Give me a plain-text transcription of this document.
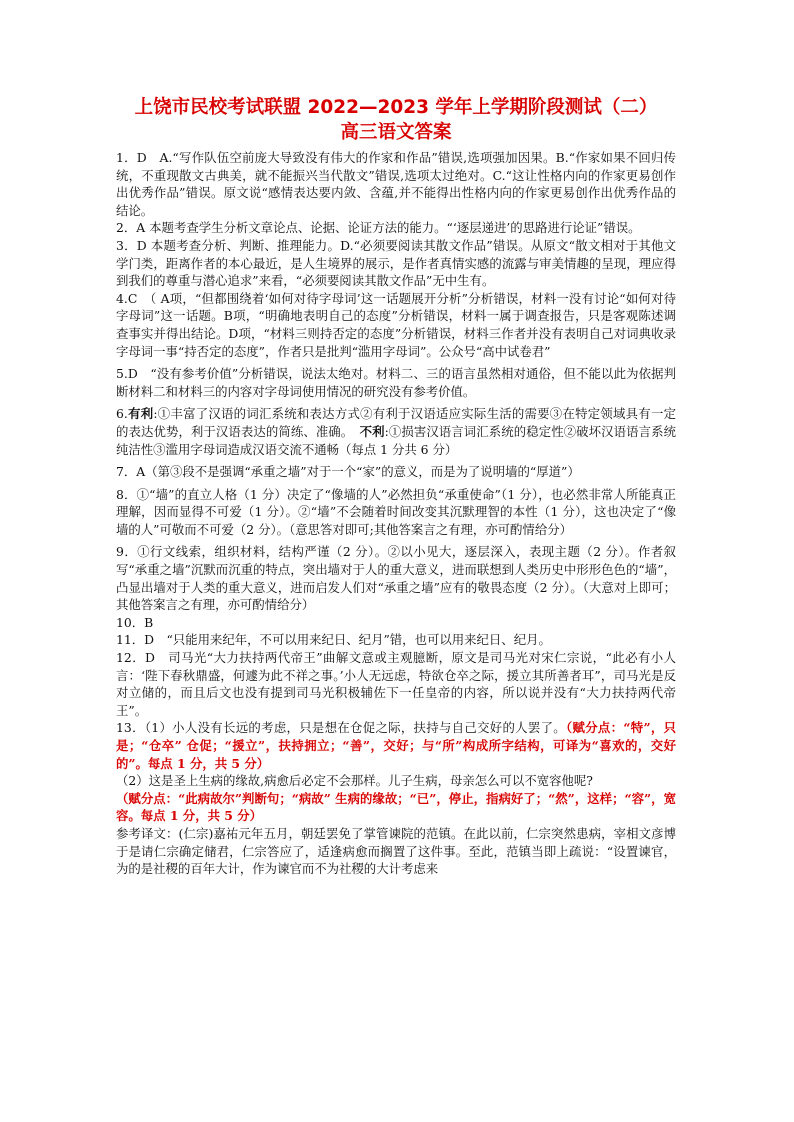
上饶市民校考试联盟 2022—2023 学年上学期阶段测试（二）
高三语文答案

1．D　A.“写作队伍空前庞大导致没有伟大的作家和作品”错误,选项强加因果。B.“作家如果不回归传统，不重现散文古典美，就不能振兴当代散文”错误,选项太过绝对。C.“这让性格内向的作家更易创作出优秀作品”错误。原文说“感情表达要内敛、含蕴,并不能得出性格内向的作家更易创作出优秀作品的结论。

2．A 本题考查学生分析文章论点、论据、论证方法的能力。“‘逐层递进’的思路进行论证”错误。

3．D 本题考查分析、判断、推理能力。D.“必须要阅读其散文作品”错误。从原文“散文相对于其他文学门类，距离作者的本心最近，是人生境界的展示，是作者真情实感的流露与审美情趣的呈现，理应得到我们的尊重与潜心追求”来看，“必须要阅读其散文作品”无中生有。

4.C　（ A项，“但都围绕着‘如何对待字母词’这一话题展开分析”分析错误，材料一没有讨论“如何对待字母词”这一话题。B项，“明确地表明自己的态度”分析错误，材料一属于调查报告，只是客观陈述调查事实并得出结论。D项，“材料三则持否定的态度”分析错误，材料三作者并没有表明自己对词典收录字母词一事“持否定的态度”，作者只是批判“滥用字母词”。公众号“高中试卷君”

5.D　“没有参考价值”分析错误，说法太绝对。材料二、三的语言虽然相对通俗，但不能以此为依据判断材料二和材料三的内容对字母词使用情况的研究没有参考价值。

6.有利:①丰富了汉语的词汇系统和表达方式②有利于汉语适应实际生活的需要③在特定领域具有一定的表达优势，利于汉语表达的简练、准确。　 不利:①损害汉语言词汇系统的稳定性②破坏汉语语言系统纯洁性③滥用字母词造成汉语交流不通畅（每点 1 分共 6 分）

7．A（第③段不是强调“承重之墙”对于一个“家”的意义，而是为了说明墙的“厚道”）

8．①“墙”的直立人格（1 分）决定了“像墙的人”必然担负“承重使命”（1 分），也必然非常人所能真正理解，因而显得不可爱（1 分）。②“墙”不会随着时间改变其沉默理智的本性（1 分），这也决定了“像墙的人”可敬而不可爱（2 分）。（意思答对即可;其他答案言之有理，亦可酌情给分）

9．①行文线索，组织材料，结构严谨（2 分）。②以小见大，逐层深入，表现主题（2 分）。作者叙写“承重之墙”沉默而沉重的特点，突出墙对于人的重大意义，进而联想到人类历史中形形色色的“墙”，凸显出墙对于人类的重大意义，进而启发人们对“承重之墙”应有的敬畏态度（2 分）。（大意对上即可；其他答案言之有理，亦可酌情给分）

10．B

11．D　“只能用来纪年，不可以用来纪日、纪月”错，也可以用来纪日、纪月。

12．D　司马光“大力扶持两代帝王”曲解文意或主观臆断，原文是司马光对宋仁宗说，“此必有小人言：‘陛下春秋鼎盛，何遽为此不祥之事。’小人无远虑，特欲仓卒之际，援立其所善者耳”，司马光是反对立储的，而且后文也没有提到司马光积极辅佐下一任皇帝的内容，所以说并没有“大力扶持两代帝王”。

13．（1）小人没有长远的考虑，只是想在仓促之际，扶持与自己交好的人罢了。（赋分点：“特”，只是；“仓卒” 仓促；“援立”，扶持拥立；“善”，交好；与“所”构成所字结构，可译为“喜欢的，交好的”。每点 1 分，共 5 分）

（2）这是圣上生病的缘故,病愈后必定不会那样。儿子生病，母亲怎么可以不宽容他呢?
（赋分点：“此病故尔”判断句；“病故” 生病的缘故；“已”，停止，指病好了；“然”，这样；“容”，宽容。每点 1 分，共 5 分）

参考译文：(仁宗)嘉祐元年五月，朝廷罢免了掌管谏院的范镇。在此以前，仁宗突然患病，宰相文彦博于是请仁宗确定储君，仁宗答应了，适逢病愈而搁置了这件事。至此，范镇当即上疏说：“设置谏官，为的是社稷的百年大计，作为谏官而不为社稷的大计考虑来
